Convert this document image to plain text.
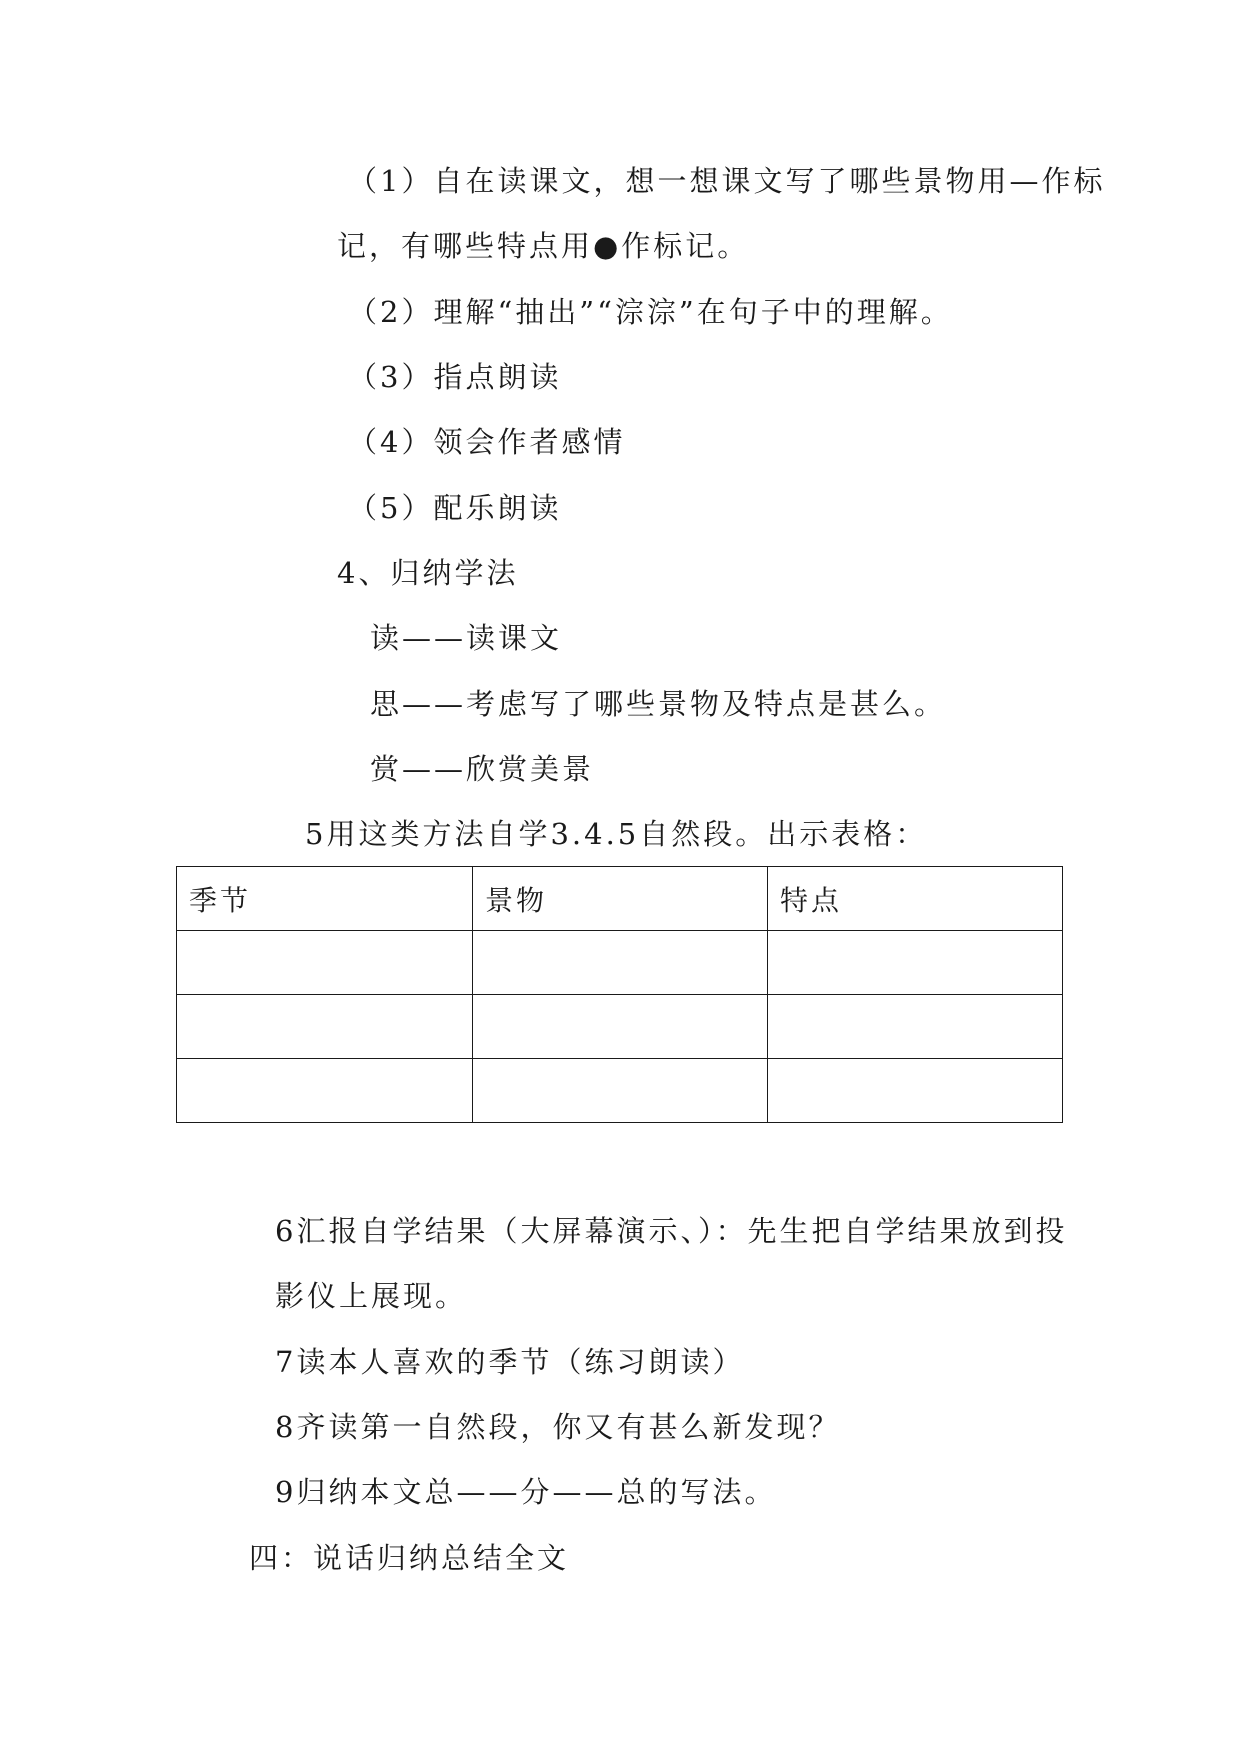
（1）自在读课文，想一想课文写了哪些景物用—作标
记，有哪些特点用●作标记。
（2）理解“抽出”“淙淙”在句子中的理解。
（3）指点朗读
（4）领会作者感情
（5）配乐朗读
4、归纳学法
读——读课文
思——考虑写了哪些景物及特点是甚么。
赏——欣赏美景
5用这类方法自学3.4.5自然段。出示表格：
季节	景物	特点

6汇报自学结果（大屏幕演示、）：先生把自学结果放到投
影仪上展现。
7读本人喜欢的季节（练习朗读）
8齐读第一自然段，你又有甚么新发现？
9归纳本文总——分——总的写法。
四：说话归纳总结全文
